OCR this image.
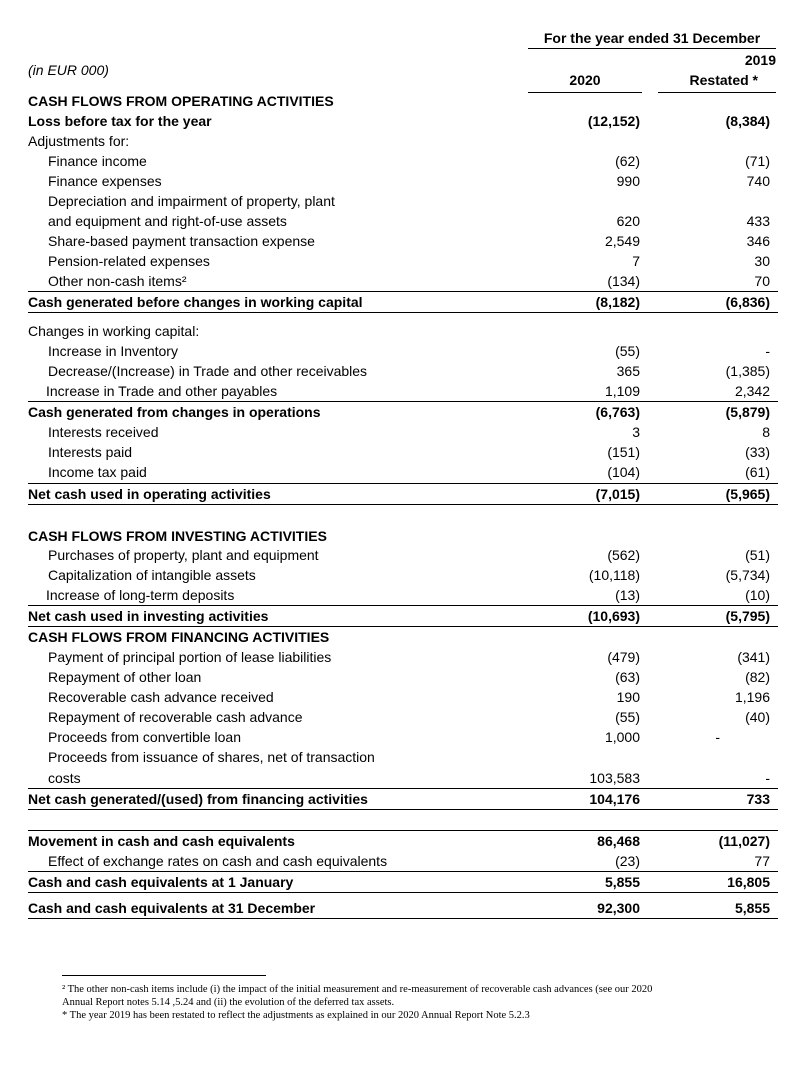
For the year ended 31 December
2019
(in EUR 000)
2020	Restated *
CASH FLOWS FROM OPERATING ACTIVITIES
Loss before tax for the year	(12,152)	(8,384)
Adjustments for:
Finance income	(62)	(71)
Finance expenses	990	740
Depreciation and impairment of property, plant
and equipment and right-of-use assets	620	433
Share-based payment transaction expense	2,549	346
Pension-related expenses	7	30
Other non-cash items²	(134)	70
Cash generated before changes in working capital	(8,182)	(6,836)
Changes in working capital:
Increase in Inventory	(55)	-
Decrease/(Increase) in Trade and other receivables	365	(1,385)
Increase in Trade and other payables	1,109	2,342
Cash generated from changes in operations	(6,763)	(5,879)
Interests received	3	8
Interests paid	(151)	(33)
Income tax paid	(104)	(61)
Net cash used in operating activities	(7,015)	(5,965)
CASH FLOWS FROM INVESTING ACTIVITIES
Purchases of property, plant and equipment	(562)	(51)
Capitalization of intangible assets	(10,118)	(5,734)
Increase of long-term deposits	(13)	(10)
Net cash used in investing activities	(10,693)	(5,795)
CASH FLOWS FROM FINANCING ACTIVITIES
Payment of principal portion of lease liabilities	(479)	(341)
Repayment of other loan	(63)	(82)
Recoverable cash advance received	190	1,196
Repayment of recoverable cash advance	(55)	(40)
Proceeds from convertible loan	1,000	-
Proceeds from issuance of shares, net of transaction
costs	103,583	-
Net cash generated/(used) from financing activities	104,176	733
Movement in cash and cash equivalents	86,468	(11,027)
Effect of exchange rates on cash and cash equivalents	(23)	77
Cash and cash equivalents at 1 January	5,855	16,805
Cash and cash equivalents at 31 December	92,300	5,855
² The other non-cash items include (i) the impact of the initial measurement and re-measurement of recoverable cash advances (see our 2020
Annual Report notes 5.14 ,5.24 and (ii) the evolution of the deferred tax assets.
* The year 2019 has been restated to reflect the adjustments as explained in our 2020 Annual Report Note 5.2.3
